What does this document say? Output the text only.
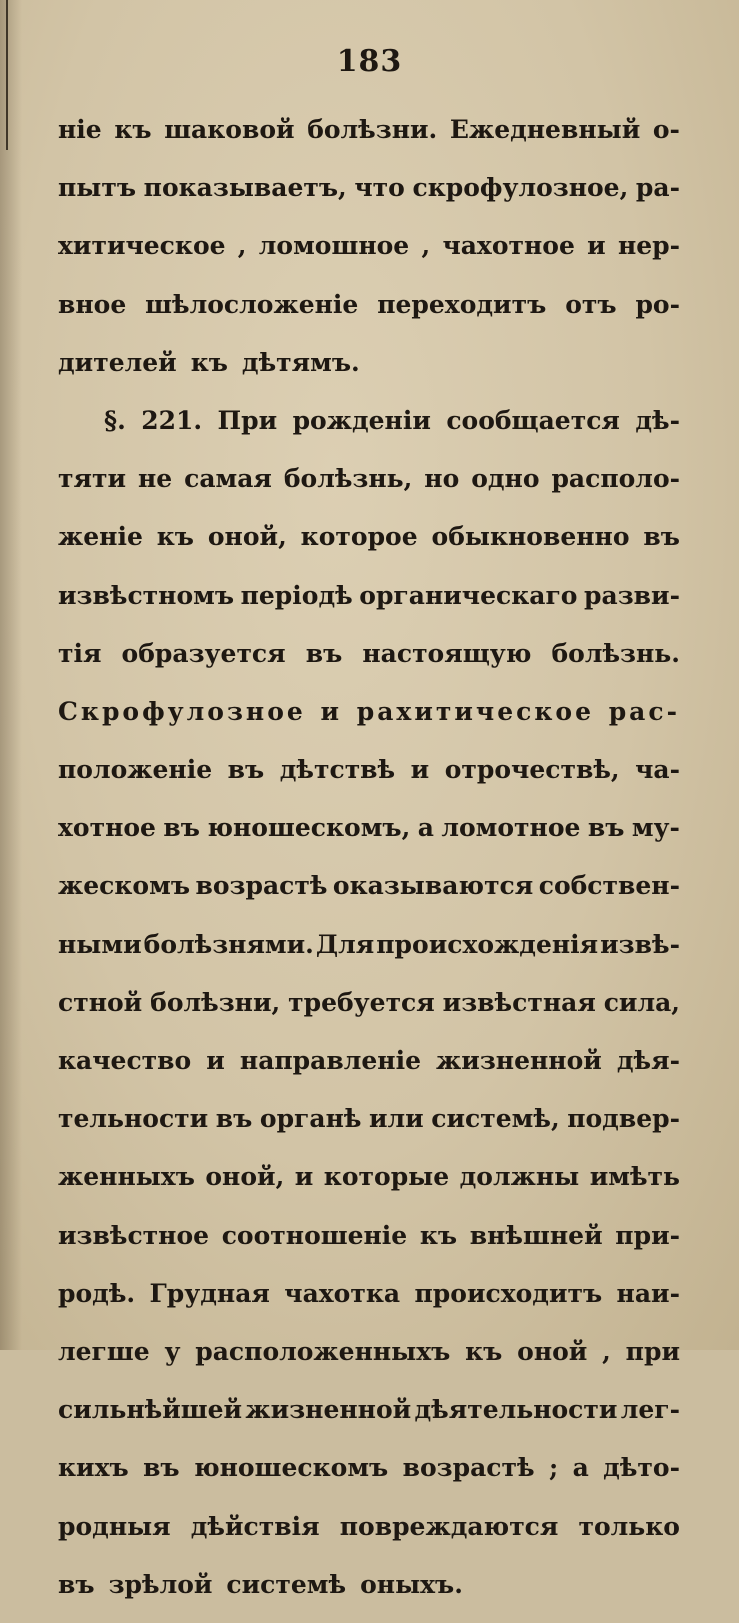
183
ніе къ шаковой болѣзни. Ежедневный о-
пытъ показываетъ, что скрофулозное, ра-
хитическое , ломошное , чахотное и нер-
вное шѣлосложеніе переходитъ отъ ро-
дителей къ дѣтямъ.
§. 221. При рожденіи сообщается дѣ-
тяти не самая болѣзнь, но одно располо-
женіе къ оной, которое обыкновенно въ
извѣстномъ періодѣ органическаго разви-
тія образуется въ настоящую болѣзнь.
Скрофулозное и рахитическое рас-
положеніе въ дѣтствѣ и отрочествѣ, ча-
хотное въ юношескомъ, а ломотное въ му-
жескомъ возрастѣ оказываются собствен-
ными болѣзнями. Для происхожденія извѣ-
стной болѣзни, требуется извѣстная сила,
качество и направленіе жизненной дѣя-
тельности въ органѣ или системѣ, подвер-
женныхъ оной, и которые должны имѣть
извѣстное соотношеніе къ внѣшней при-
родѣ. Грудная чахотка происходитъ наи-
легше у расположенныхъ къ оной , при
сильнѣйшей жизненной дѣятельности лег-
кихъ въ юношескомъ возрастѣ ; а дѣто-
родныя дѣйствія повреждаются только
въ зрѣлой системѣ оныхъ.
